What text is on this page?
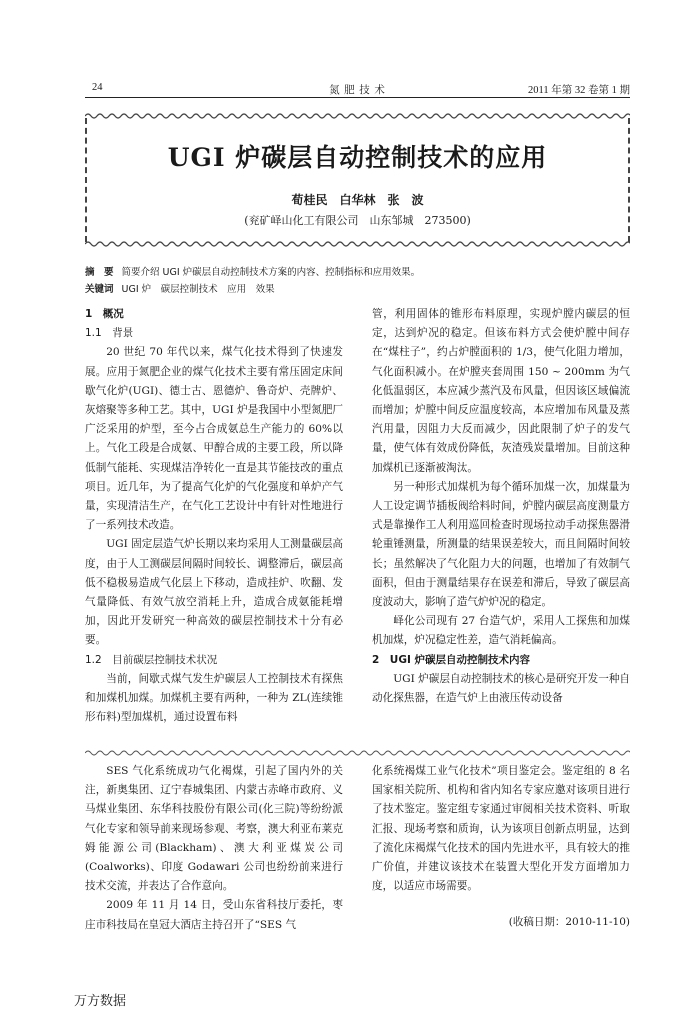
24	氮 肥 技 术	2011 年第 32 卷第 1 期
UGI 炉碳层自动控制技术的应用
荀桂民　白华林　张　波
(兖矿峄山化工有限公司　山东邹城　273500)
摘　要 简要介绍 UGI 炉碳层自动控制技术方案的内容、控制指标和应用效果。
关键词 UGI 炉　碳层控制技术　应用　效果

1　概况

1.1　背景

20 世纪 70 年代以来，煤气化技术得到了快速发展。应用于氮肥企业的煤气化技术主要有常压固定床间歇气化炉(UGI)、德士古、恩德炉、鲁奇炉、壳牌炉、灰熔聚等多种工艺。其中，UGI 炉是我国中小型氮肥厂广泛采用的炉型，至今占合成氨总生产能力的 60%以上。气化工段是合成氨、甲醇合成的主要工段，所以降低制气能耗、实现煤洁净转化一直是其节能技改的重点项目。近几年，为了提高气化炉的气化强度和单炉产气量，实现清洁生产，在气化工艺设计中有针对性地进行了一系列技术改造。

UGI 固定层造气炉长期以来均采用人工测量碳层高度，由于人工测碳层间隔时间较长、调整滞后，碳层高低不稳极易造成气化层上下移动，造成挂炉、吹翻、发气量降低、有效气放空消耗上升，造成合成氨能耗增加，因此开发研究一种高效的碳层控制技术十分有必要。

1.2　目前碳层控制技术状况

当前，间歇式煤气发生炉碳层人工控制技术有探焦和加煤机加煤。加煤机主要有两种，一种为 ZL(连续锥形布料)型加煤机，通过设置布料

管，利用固体的锥形布料原理，实现炉膛内碳层的恒定，达到炉况的稳定。但该布料方式会使炉膛中间存在“煤柱子”，约占炉膛面积的 1/3，使气化阻力增加，气化面积减小。在炉膛夹套周围 150 ~ 200mm 为气化低温弱区，本应减少蒸汽及布风量，但因该区域偏流而增加；炉膛中间反应温度较高，本应增加布风量及蒸汽用量，因阻力大反而减少，因此限制了炉子的发气量，使气体有效成份降低，灰渣残炭量增加。目前这种加煤机已逐渐被淘汰。

另一种形式加煤机为每个循环加煤一次，加煤量为人工设定调节插板阀给料时间，炉膛内碳层高度测量方式是靠操作工人利用巡回检查时现场拉动手动探焦器滑轮重锤测量，所测量的结果误差较大，而且间隔时间较长；虽然解决了气化阻力大的问题，也增加了有效制气面积，但由于测量结果存在误差和滞后，导致了碳层高度波动大，影响了造气炉炉况的稳定。

峄化公司现有 27 台造气炉，采用人工探焦和加煤机加煤，炉况稳定性差，造气消耗偏高。

2　UGI 炉碳层自动控制技术内容

UGI 炉碳层自动控制技术的核心是研究开发一种自动化探焦器，在造气炉上由液压传动设备

SES 气化系统成功气化褐煤，引起了国内外的关注，新奥集团、辽宁春城集团、内蒙古赤峰市政府、义马煤业集团、东华科技股份有限公司(化三院)等纷纷派气化专家和领导前来现场参观、考察，澳大利亚布莱克姆能源公司(Blackham)、澳大利亚煤炭公司(Coalworks)、印度 Godawari 公司也纷纷前来进行技术交流，并表达了合作意向。

2009 年 11 月 14 日，受山东省科技厅委托，枣庄市科技局在皇冠大酒店主持召开了“SES 气

化系统褐煤工业气化技术”项目鉴定会。鉴定组的 8 名国家相关院所、机构和省内知名专家应邀对该项目进行了技术鉴定。鉴定组专家通过审阅相关技术资料、听取汇报、现场考察和质询，认为该项目创新点明显，达到了流化床褐煤气化技术的国内先进水平，具有较大的推广价值，并建议该技术在装置大型化开发方面增加力度，以适应市场需要。

(收稿日期：2010-11-10)
万方数据
